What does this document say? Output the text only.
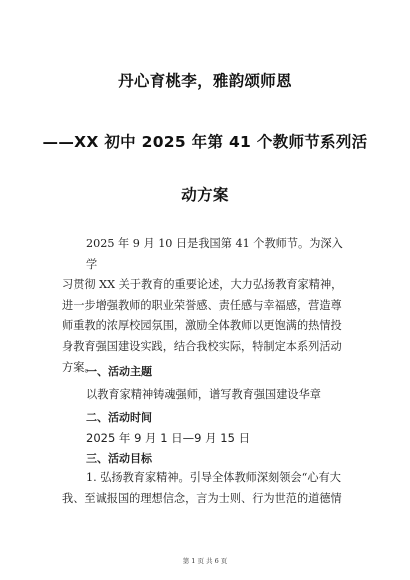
丹心育桃李，雅韵颂师恩
——XX 初中 2025 年第 41 个教师节系列活
动方案
2025 年 9 月 10 日是我国第 41 个教师节。为深入学
习贯彻 XX 关于教育的重要论述，大力弘扬教育家精神，进一步增强教师的职业荣誉感、责任感与幸福感，营造尊师重教的浓厚校园氛围，激励全体教师以更饱满的热情投身教育强国建设实践，结合我校实际，特制定本系列活动方案。
一、活动主题
以教育家精神铸魂强师，谱写教育强国建设华章
二、活动时间
2025 年 9 月 1 日—9 月 15 日
三、活动目标
1. 弘扬教育家精神。引导全体教师深刻领会“心有大
我、至诚报国的理想信念，言为士则、行为世范的道德情
第 1 页 共 6 页
